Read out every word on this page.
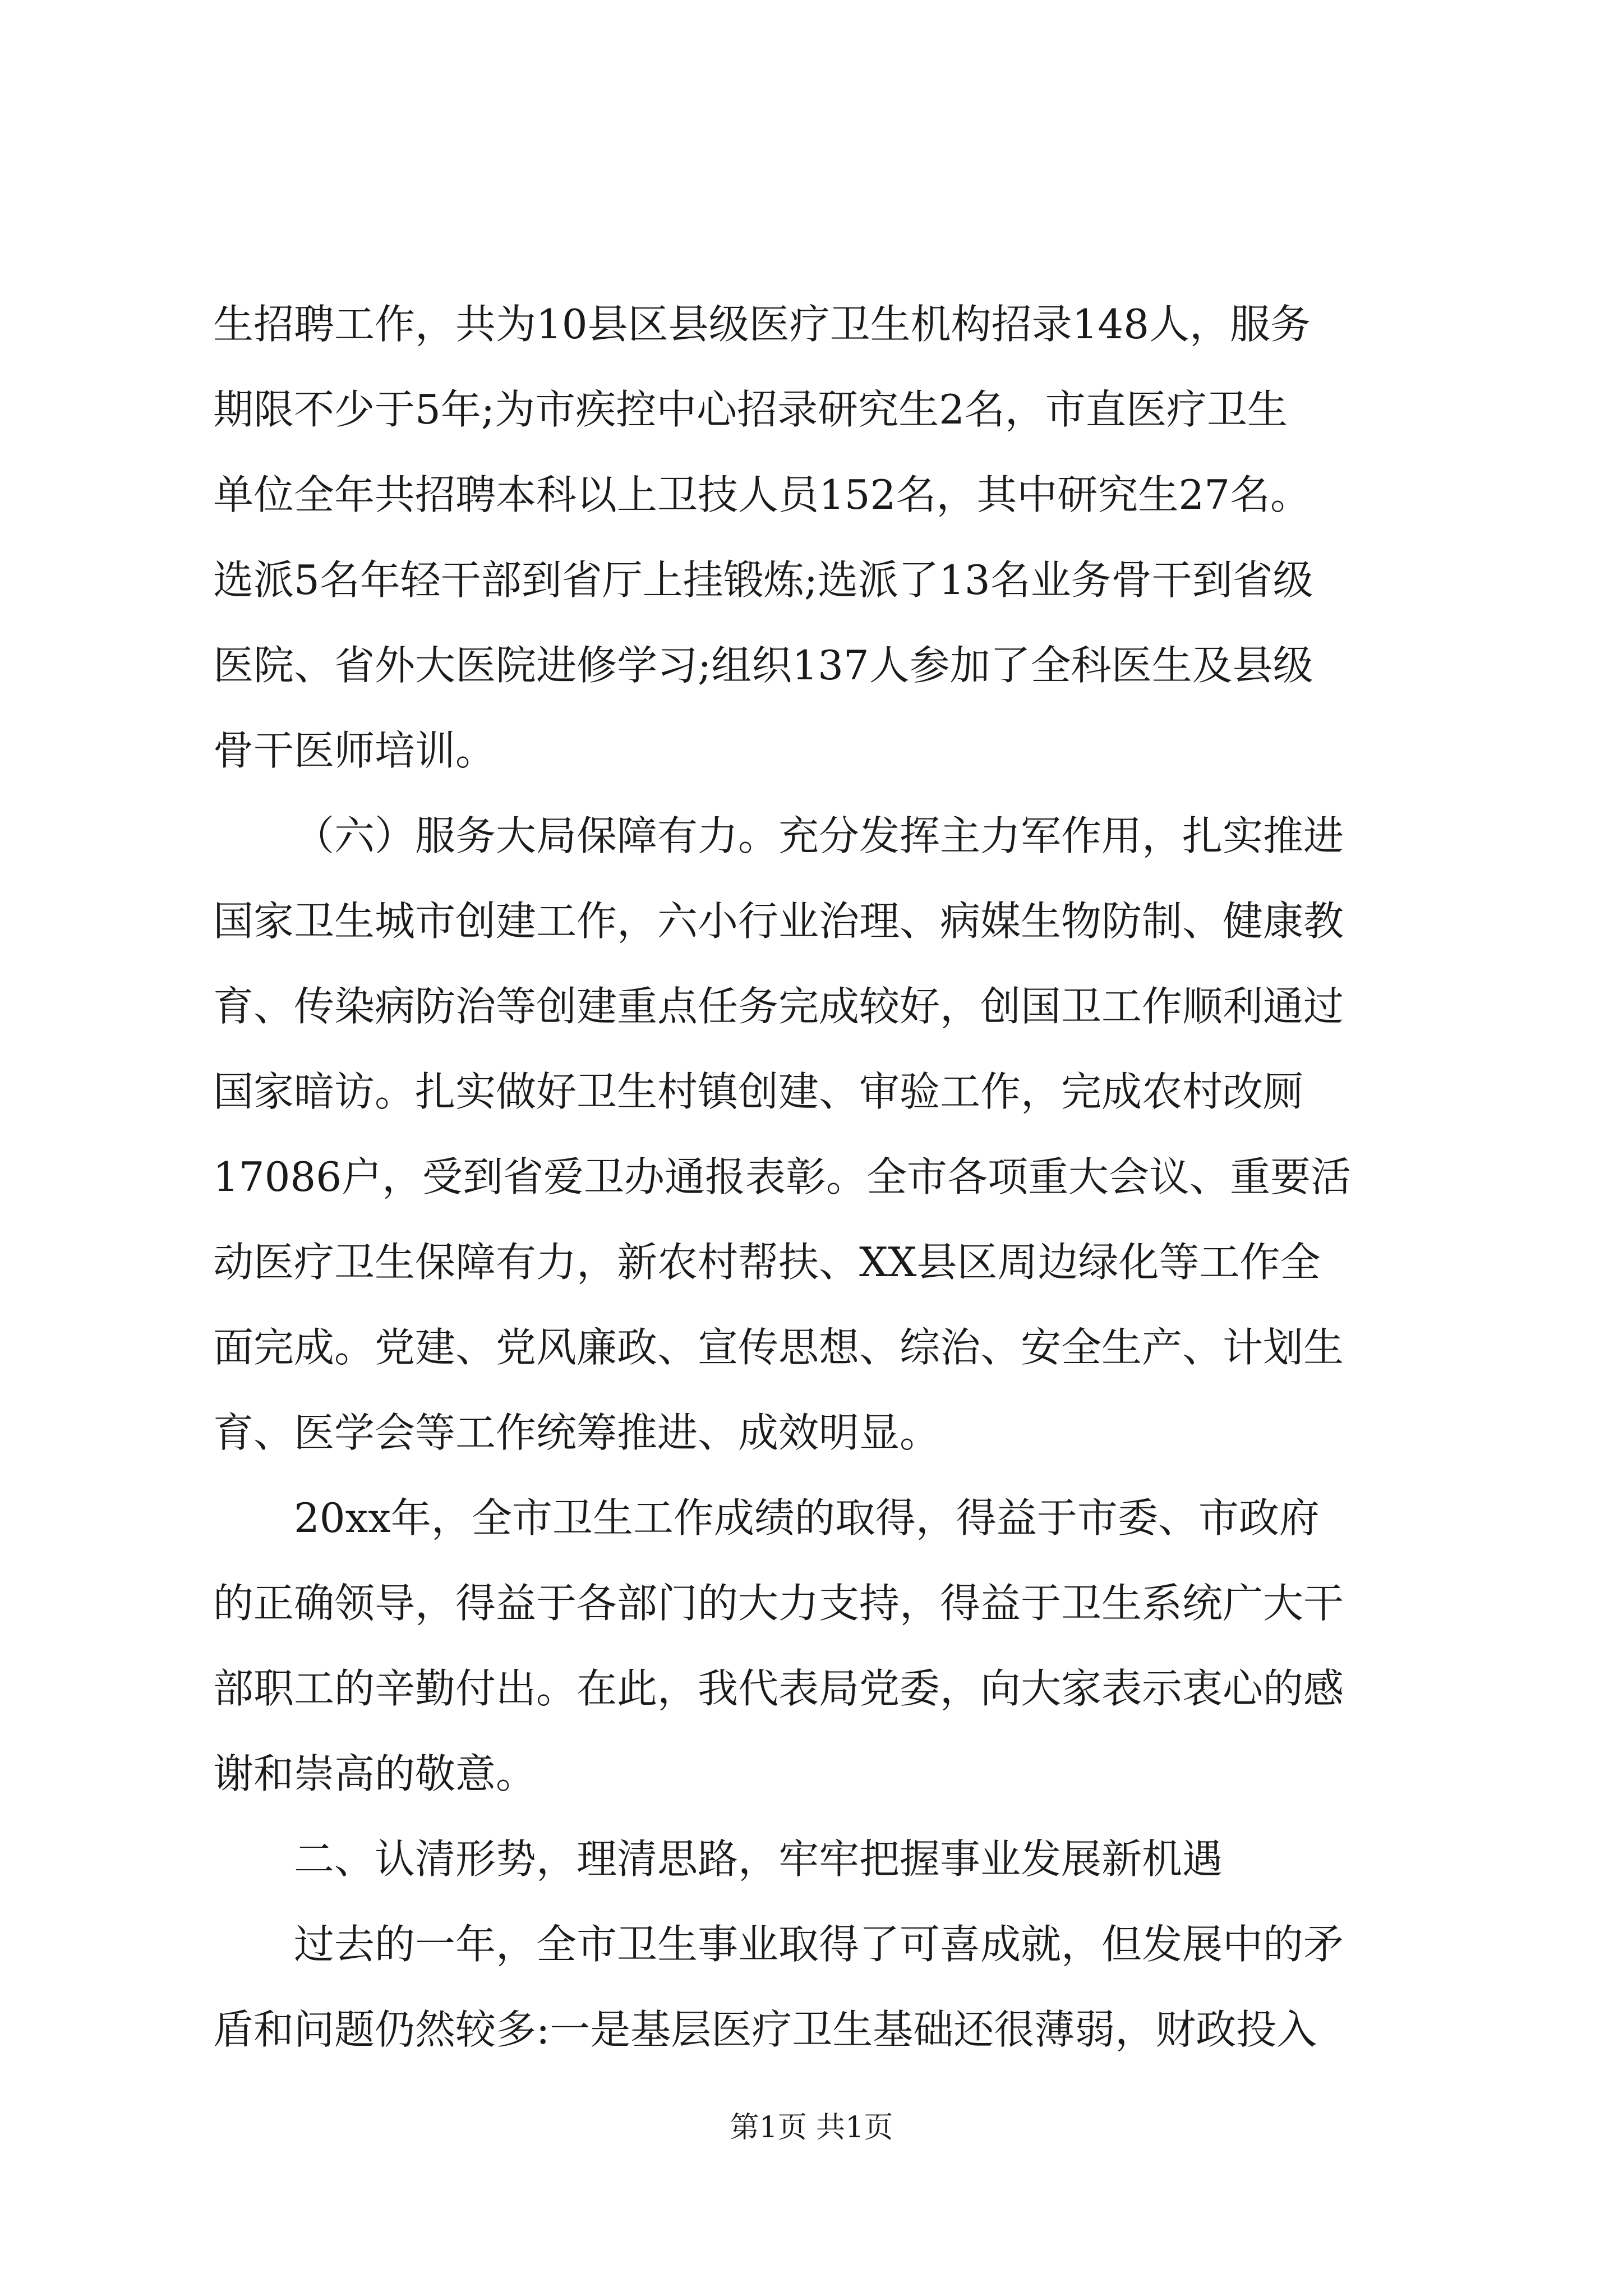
生招聘工作，共为10县区县级医疗卫生机构招录148人，服务
期限不少于5年;为市疾控中心招录研究生2名，市直医疗卫生
单位全年共招聘本科以上卫技人员152名，其中研究生27名。
选派5名年轻干部到省厅上挂锻炼;选派了13名业务骨干到省级
医院、省外大医院进修学习;组织137人参加了全科医生及县级
骨干医师培训。
（六）服务大局保障有力。充分发挥主力军作用，扎实推进
国家卫生城市创建工作，六小行业治理、病媒生物防制、健康教
育、传染病防治等创建重点任务完成较好，创国卫工作顺利通过
国家暗访。扎实做好卫生村镇创建、审验工作，完成农村改厕
17086户，受到省爱卫办通报表彰。全市各项重大会议、重要活
动医疗卫生保障有力，新农村帮扶、XX县区周边绿化等工作全
面完成。党建、党风廉政、宣传思想、综治、安全生产、计划生
育、医学会等工作统筹推进、成效明显。
20xx年，全市卫生工作成绩的取得，得益于市委、市政府
的正确领导，得益于各部门的大力支持，得益于卫生系统广大干
部职工的辛勤付出。在此，我代表局党委，向大家表示衷心的感
谢和崇高的敬意。
二、认清形势，理清思路，牢牢把握事业发展新机遇
过去的一年，全市卫生事业取得了可喜成就，但发展中的矛
盾和问题仍然较多:一是基层医疗卫生基础还很薄弱，财政投入
第1页 共1页
